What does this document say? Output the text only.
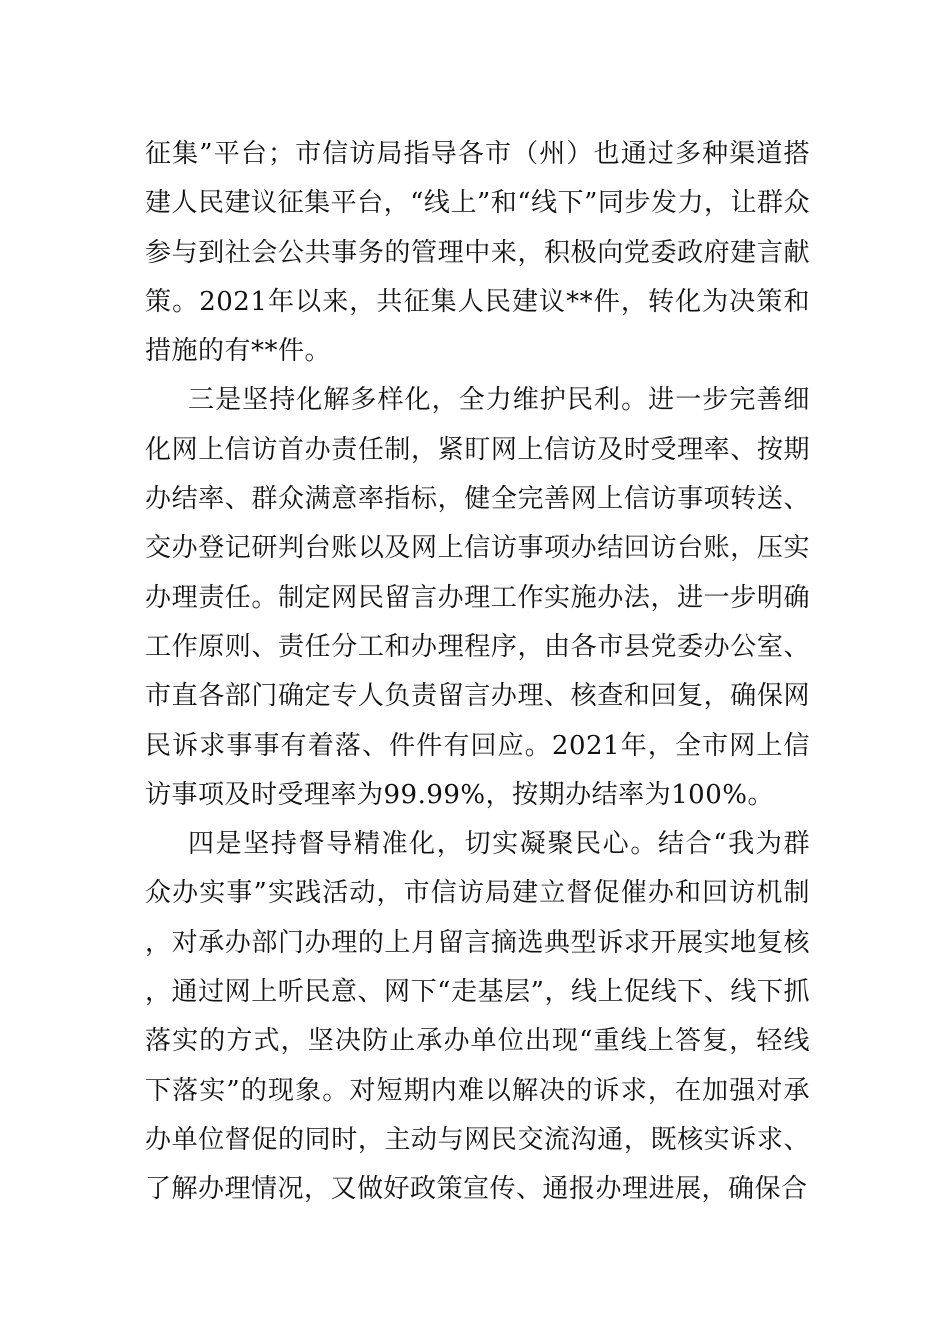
征集”平台；市信访局指导各市（州）也通过多种渠道搭建人民建议征集平台，“线上”和“线下”同步发力，让群众参与到社会公共事务的管理中来，积极向党委政府建言献策。2021年以来，共征集人民建议**件，转化为决策和措施的有**件。

三是坚持化解多样化，全力维护民利。进一步完善细化网上信访首办责任制，紧盯网上信访及时受理率、按期办结率、群众满意率指标，健全完善网上信访事项转送、交办登记研判台账以及网上信访事项办结回访台账，压实办理责任。制定网民留言办理工作实施办法，进一步明确工作原则、责任分工和办理程序，由各市县党委办公室、市直各部门确定专人负责留言办理、核查和回复，确保网民诉求事事有着落、件件有回应。2021年，全市网上信访事项及时受理率为99.99%，按期办结率为100%。

四是坚持督导精准化，切实凝聚民心。结合“我为群众办实事”实践活动，市信访局建立督促催办和回访机制，对承办部门办理的上月留言摘选典型诉求开展实地复核，通过网上听民意、网下“走基层”，线上促线下、线下抓落实的方式，坚决防止承办单位出现“重线上答复，轻线下落实”的现象。对短期内难以解决的诉求，在加强对承办单位督促的同时，主动与网民交流沟通，既核实诉求、了解办理情况，又做好政策宣传、通报办理进展，确保合
